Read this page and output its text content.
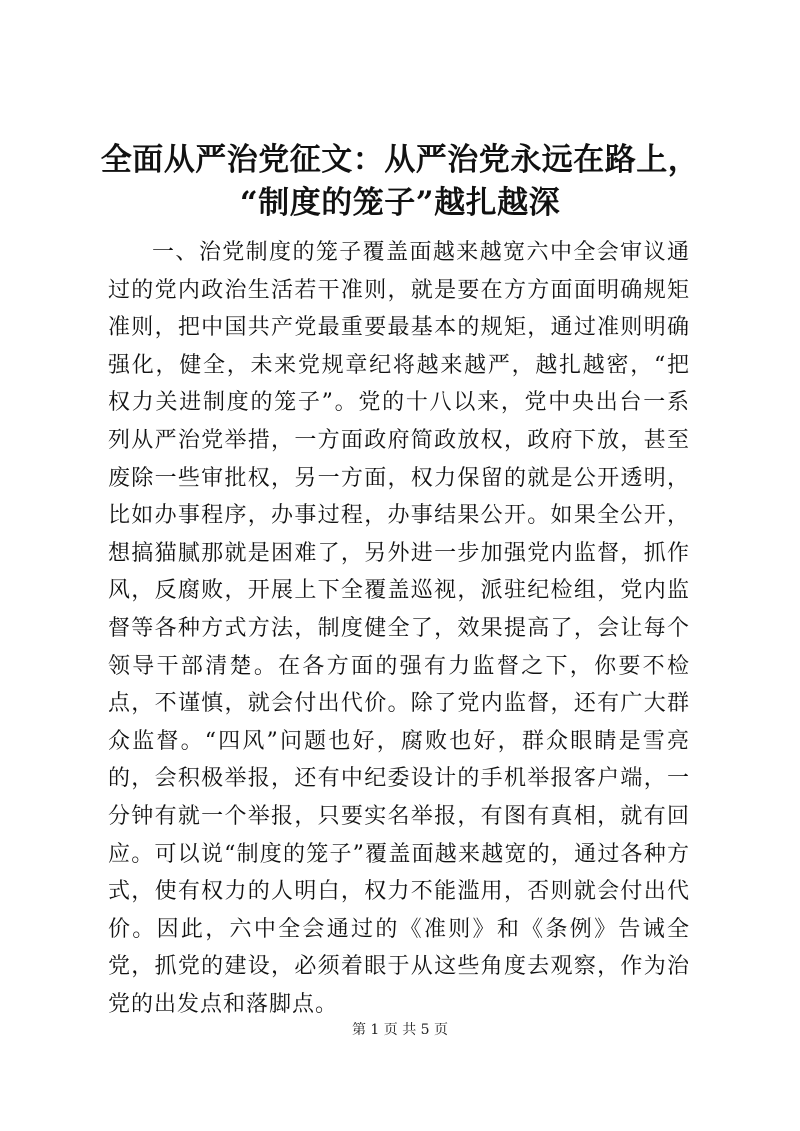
全面从严治党征文：从严治党永远在路上，
“制度的笼子”越扎越深

一、治党制度的笼子覆盖面越来越宽六中全会审议通过的党内政治生活若干准则，就是要在方方面面明确规矩准则，把中国共产党最重要最基本的规矩，通过准则明确强化，健全，未来党规章纪将越来越严，越扎越密，“把权力关进制度的笼子”。党的十八以来，党中央出台一系列从严治党举措，一方面政府简政放权，政府下放，甚至废除一些审批权，另一方面，权力保留的就是公开透明，比如办事程序，办事过程，办事结果公开。如果全公开，想搞猫腻那就是困难了，另外进一步加强党内监督，抓作风，反腐败，开展上下全覆盖巡视，派驻纪检组，党内监督等各种方式方法，制度健全了，效果提高了，会让每个领导干部清楚。在各方面的强有力监督之下，你要不检点，不谨慎，就会付出代价。除了党内监督，还有广大群众监督。“四风”问题也好，腐败也好，群众眼睛是雪亮的，会积极举报，还有中纪委设计的手机举报客户端，一分钟有就一个举报，只要实名举报，有图有真相，就有回应。可以说“制度的笼子”覆盖面越来越宽的，通过各种方式，使有权力的人明白，权力不能滥用，否则就会付出代价。因此，六中全会通过的《准则》和《条例》告诫全党，抓党的建设，必须着眼于从这些角度去观察，作为治党的出发点和落脚点。

第 1 页 共 5 页
